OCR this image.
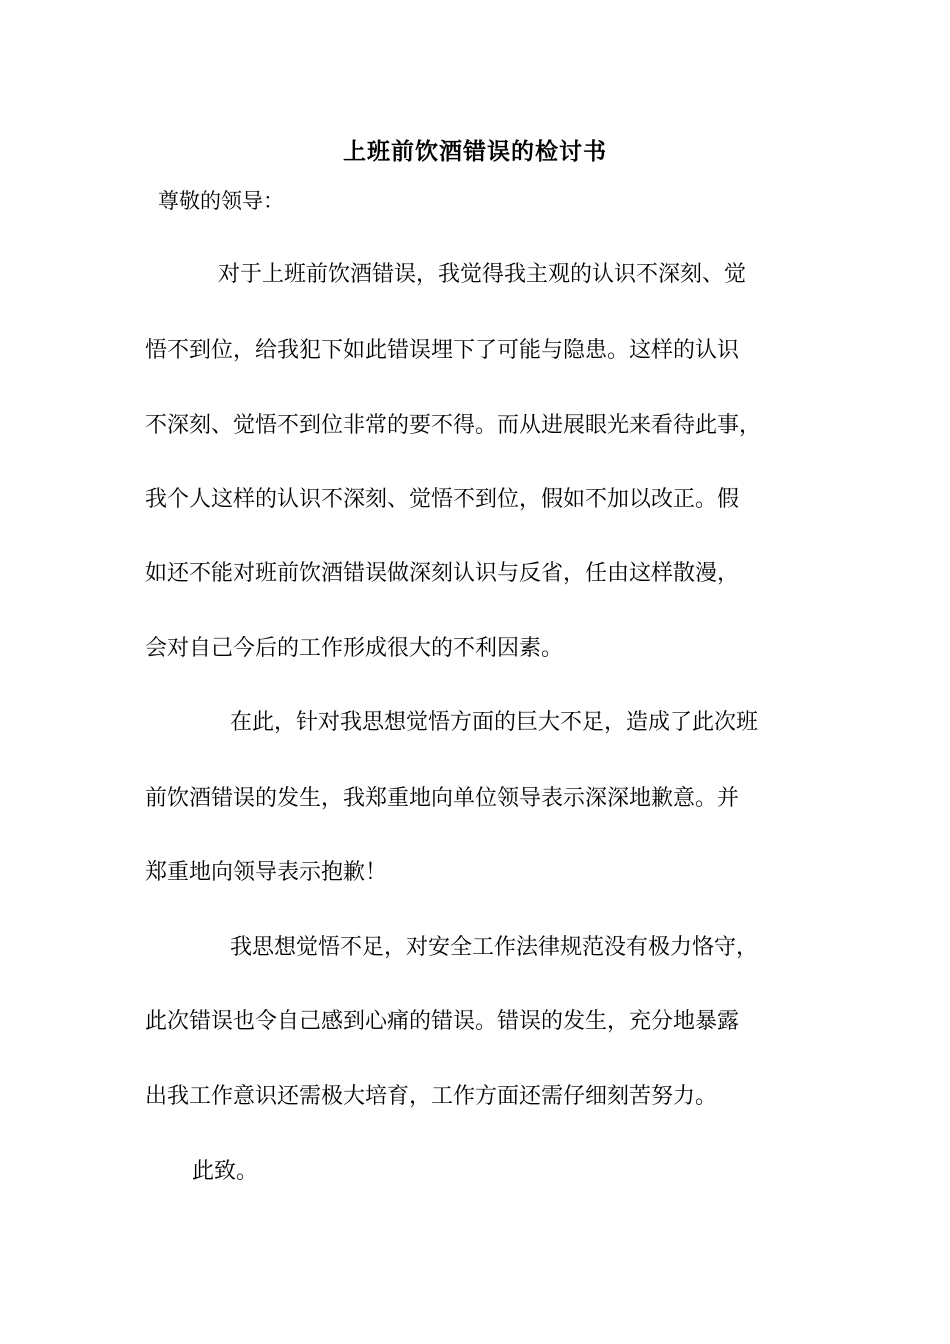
上班前饮酒错误的检讨书

尊敬的领导：

对于上班前饮酒错误，我觉得我主观的认识不深刻、觉

悟不到位，给我犯下如此错误埋下了可能与隐患。这样的认识

不深刻、觉悟不到位非常的要不得。而从进展眼光来看待此事，

我个人这样的认识不深刻、觉悟不到位，假如不加以改正。假

如还不能对班前饮酒错误做深刻认识与反省，任由这样散漫，

会对自己今后的工作形成很大的不利因素。

在此，针对我思想觉悟方面的巨大不足，造成了此次班

前饮酒错误的发生，我郑重地向单位领导表示深深地歉意。并

郑重地向领导表示抱歉！

我思想觉悟不足，对安全工作法律规范没有极力恪守，

此次错误也令自己感到心痛的错误。错误的发生，充分地暴露

出我工作意识还需极大培育，工作方面还需仔细刻苦努力。

此致。
